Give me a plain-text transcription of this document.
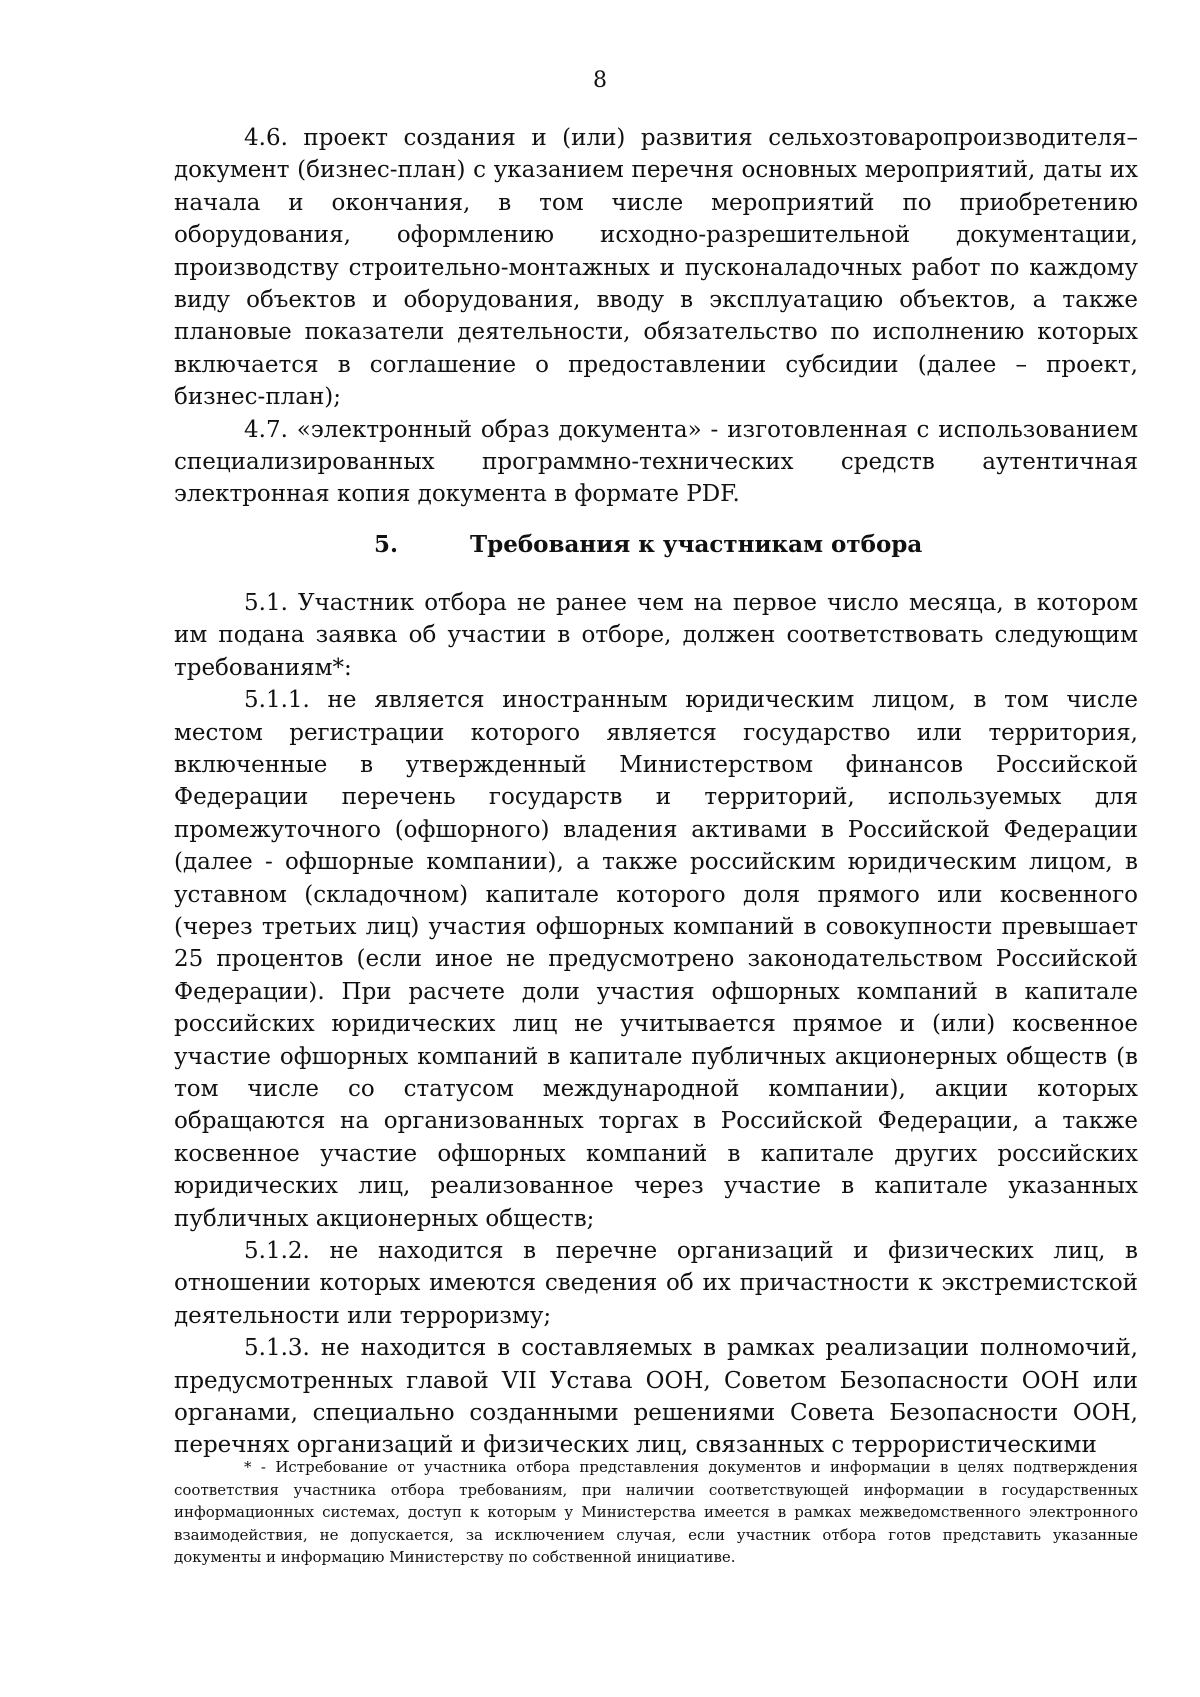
8

4.6. проект создания и (или) развития сельхозтоваропроизводителя– документ (бизнес-план) с указанием перечня основных мероприятий, даты их начала и окончания, в том числе мероприятий по приобретению оборудования, оформлению исходно-разрешительной документации, производству строительно-монтажных и пусконаладочных работ по каждому виду объектов и оборудования, вводу в эксплуатацию объектов, а также плановые показатели деятельности, обязательство по исполнению которых включается в соглашение о предоставлении субсидии (далее – проект, бизнес-план);

4.7. «электронный образ документа» - изготовленная с использованием специализированных программно-технических средств аутентичная электронная копия документа в формате PDF.

5.	Требования к участникам отбора

5.1. Участник отбора не ранее чем на первое число месяца, в котором им подана заявка об участии в отборе, должен соответствовать следующим требованиям*:

5.1.1. не является иностранным юридическим лицом, в том числе местом регистрации которого является государство или территория, включенные в утвержденный Министерством финансов Российской Федерации перечень государств и территорий, используемых для промежуточного (офшорного) владения активами в Российской Федерации (далее - офшорные компании), а также российским юридическим лицом, в уставном (складочном) капитале которого доля прямого или косвенного (через третьих лиц) участия офшорных компаний в совокупности превышает 25 процентов (если иное не предусмотрено законодательством Российской Федерации). При расчете доли участия офшорных компаний в капитале российских юридических лиц не учитывается прямое и (или) косвенное участие офшорных компаний в капитале публичных акционерных обществ (в том числе со статусом международной компании), акции которых обращаются на организованных торгах в Российской Федерации, а также косвенное участие офшорных компаний в капитале других российских юридических лиц, реализованное через участие в капитале указанных публичных акционерных обществ;

5.1.2. не находится в перечне организаций и физических лиц, в отношении которых имеются сведения об их причастности к экстремистской деятельности или терроризму;

5.1.3. не находится в составляемых в рамках реализации полномочий, предусмотренных главой VII Устава ООН, Советом Безопасности ООН или органами, специально созданными решениями Совета Безопасности ООН, перечнях организаций и физических лиц, связанных с террористическими

* - Истребование от участника отбора представления документов и информации в целях подтверждения соответствия участника отбора требованиям, при наличии соответствующей информации в государственных информационных системах, доступ к которым у Министерства имеется в рамках межведомственного электронного взаимодействия, не допускается, за исключением случая, если участник отбора готов представить указанные документы и информацию Министерству по собственной инициативе.
